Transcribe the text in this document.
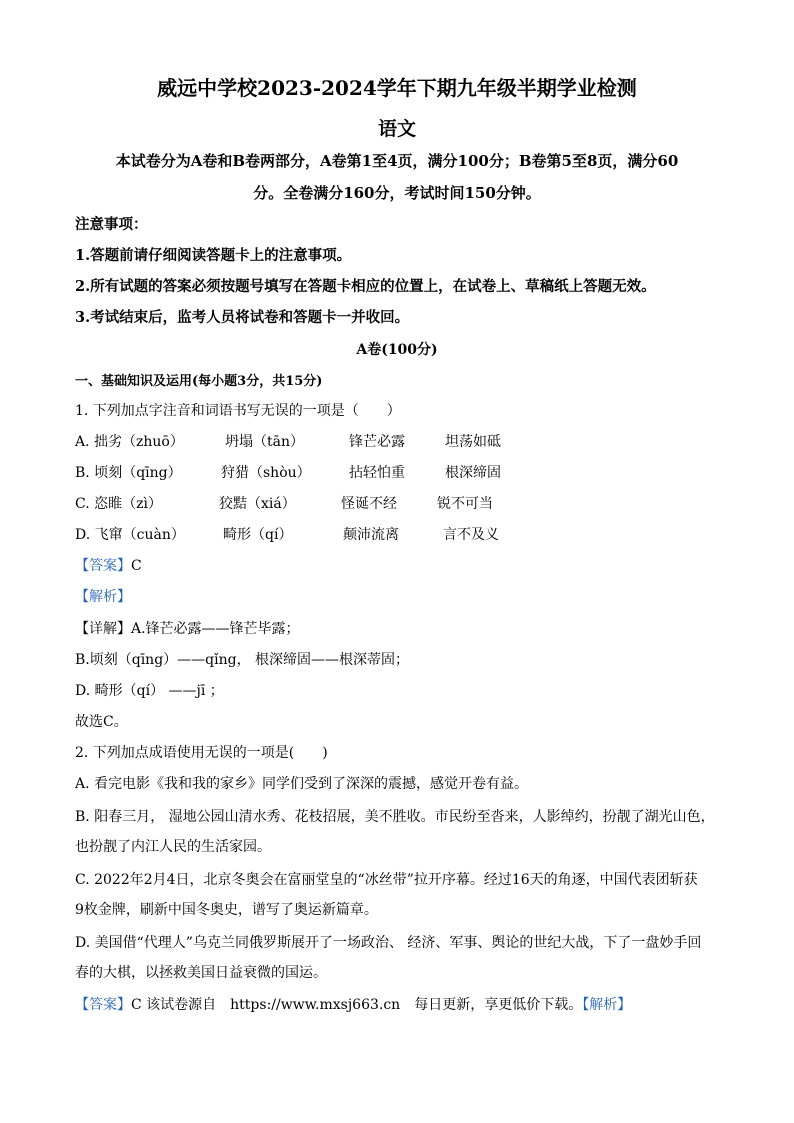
威远中学校2023-2024学年下期九年级半期学业检测
语文
本试卷分为A卷和B卷两部分，A卷第1至4页，满分100分；B卷第5至8页，满分60
分。全卷满分160分，考试时间150分钟。
注意事项：
1.答题前请仔细阅读答题卡上的注意事项。
2.所有试题的答案必须按题号填写在答题卡相应的位置上，在试卷上、草稿纸上答题无效。
3.考试结束后，监考人员将试卷和答题卡一并收回。
A卷(100分)
一、基础知识及运用(每小题3分，共15分)
1. 下列加点字注音和词语书写无误的一项是（　　）
A. 拙劣（zhuō）	坍塌（tān）	锋芒必露	坦荡如砥
B. 顷刻（qīng）	狩猎（shòu）	拈轻怕重	根深缔固
C. 恣睢（zì）	狡黠（xiá）	怪诞不经	锐不可当
D. 飞窜（cuàn）	畸形（qí）	颠沛流离	言不及义
【答案】C
【解析】
【详解】A.锋芒必露——锋芒毕露；
B.顷刻（qīng）——qǐng， 根深缔固——根深蒂固；
D. 畸形（qí） ——jī ；
故选C。
2. 下列加点成语使用无误的一项是(　　)
A. 看完电影《我和我的家乡》同学们受到了深深的震撼，感觉开卷有益。
B. 阳春三月， 湿地公园山清水秀、花枝招展，美不胜收。市民纷至沓来，人影绰约，扮靓了湖光山色，
也扮靓了内江人民的生活家园。
C. 2022年2月4日，北京冬奥会在富丽堂皇的“冰丝带”拉开序幕。经过16天的角逐，中国代表团斩获
9枚金牌，刷新中国冬奥史，谱写了奥运新篇章。
D. 美国借“代理人”乌克兰同俄罗斯展开了一场政治、 经济、军事、舆论的世纪大战，下了一盘妙手回
春的大棋，以拯救美国日益衰微的国运。
【答案】C 该试卷源自　https://www.mxsj663.cn　每日更新，享更低价下载。【解析】
